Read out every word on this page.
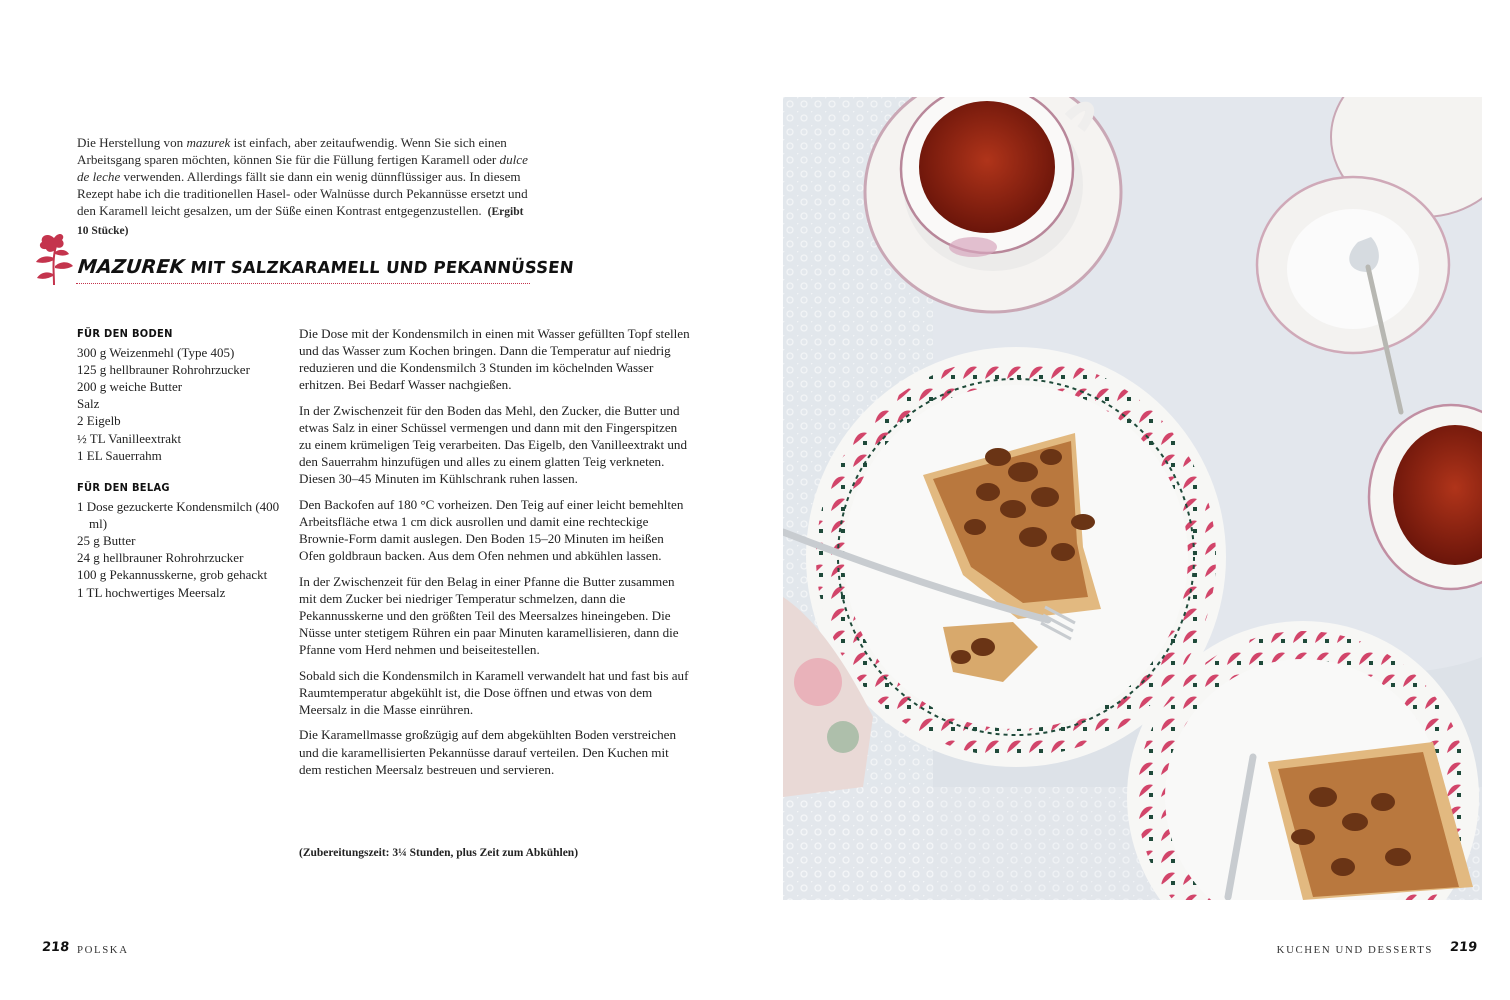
Die Herstellung von mazurek ist einfach, aber zeitaufwendig. Wenn Sie sich einen Arbeitsgang sparen möchten, können Sie für die Füllung fertigen Karamell oder dulce de leche verwenden. Allerdings fällt sie dann ein wenig dünnflüssiger aus. In diesem Rezept habe ich die traditionellen Hasel- oder Walnüsse durch Pekannüsse ersetzt und den Karamell leicht gesalzen, um der Süße einen Kontrast entgegenzustellen. (Ergibt 10 Stücke)
MAZUREK MIT SALZKARAMELL UND PEKANNÜSSEN
FÜR DEN BODEN
300 g Weizenmehl (Type 405)
125 g hellbrauner Rohrohrzucker
200 g weiche Butter
Salz
2 Eigelb
½ TL Vanilleextrakt
1 EL Sauerrahm
FÜR DEN BELAG
1 Dose gezuckerte Kondensmilch (400 ml)
25 g Butter
24 g hellbrauner Rohrohrzucker
100 g Pekannusskerne, grob gehackt
1 TL hochwertiges Meersalz

Die Dose mit der Kondensmilch in einen mit Wasser gefüllten Topf stellen und das Wasser zum Kochen bringen. Dann die Temperatur auf niedrig reduzieren und die Kondensmilch 3 Stunden im köchelnden Wasser erhitzen. Bei Bedarf Wasser nachgießen.

In der Zwischenzeit für den Boden das Mehl, den Zucker, die Butter und etwas Salz in einer Schüssel vermengen und dann mit den Fingerspitzen zu einem krümeligen Teig verarbeiten. Das Eigelb, den Vanilleextrakt und den Sauerrahm hinzufügen und alles zu einem glatten Teig verkneten. Diesen 30–45 Minuten im Kühlschrank ruhen lassen.

Den Backofen auf 180 °C vorheizen. Den Teig auf einer leicht bemehlten Arbeitsfläche etwa 1 cm dick ausrollen und damit eine rechteckige Brownie-Form damit auslegen. Den Boden 15–20 Minuten im heißen Ofen goldbraun backen. Aus dem Ofen nehmen und abkühlen lassen.

In der Zwischenzeit für den Belag in einer Pfanne die Butter zusammen mit dem Zucker bei niedriger Temperatur schmelzen, dann die Pekannusskerne und den größten Teil des Meersalzes hineingeben. Die Nüsse unter stetigem Rühren ein paar Minuten karamellisieren, dann die Pfanne vom Herd nehmen und beiseitestellen.

Sobald sich die Kondensmilch in Karamell verwandelt hat und fast bis auf Raumtemperatur abgekühlt ist, die Dose öffnen und etwas von dem Meersalz in die Masse einrühren.

Die Karamellmasse großzügig auf dem abgekühlten Boden verstreichen und die karamellisierten Pekannüsse darauf verteilen. Den Kuchen mit dem restichen Meersalz bestreuen und servieren.

(Zubereitungszeit: 3¼ Stunden, plus Zeit zum Abkühlen)
218 POLSKA	KUCHEN UND DESSERTS 219
